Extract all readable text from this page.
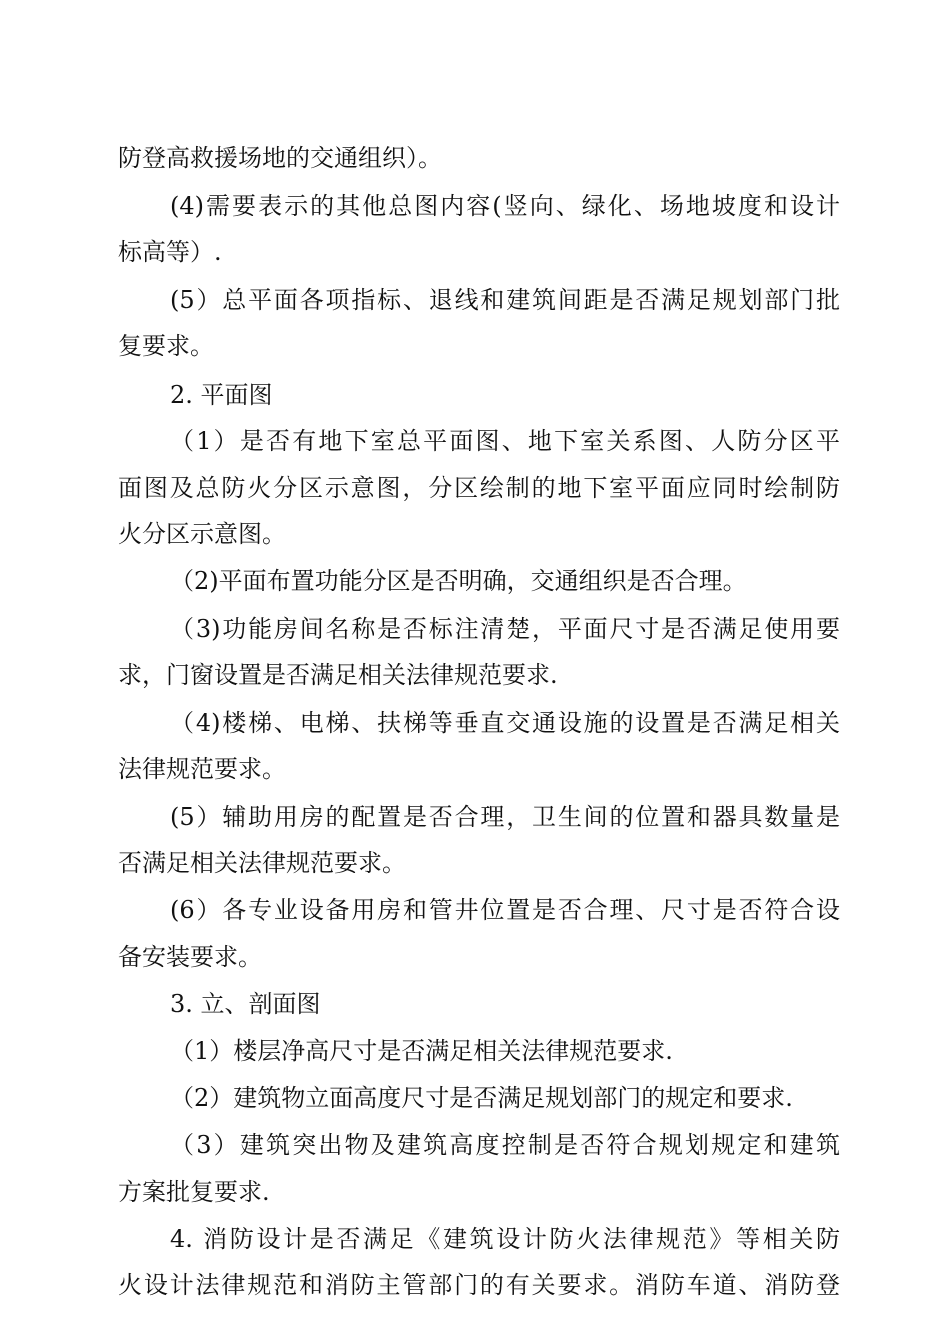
防登高救援场地的交通组织）。
(4)需要表示的其他总图内容(竖向、绿化、场地坡度和设计
标高等）.
(5）总平面各项指标、退线和建筑间距是否满足规划部门批
复要求。
2. 平面图
（1）是否有地下室总平面图、地下室关系图、人防分区平
面图及总防火分区示意图，分区绘制的地下室平面应同时绘制防
火分区示意图。
（2)平面布置功能分区是否明确，交通组织是否合理。
（3)功能房间名称是否标注清楚，平面尺寸是否满足使用要
求，门窗设置是否满足相关法律规范要求.
（4)楼梯、电梯、扶梯等垂直交通设施的设置是否满足相关
法律规范要求。
(5）辅助用房的配置是否合理，卫生间的位置和器具数量是
否满足相关法律规范要求。
(6）各专业设备用房和管井位置是否合理、尺寸是否符合设
备安装要求。
3. 立、剖面图
（1）楼层净高尺寸是否满足相关法律规范要求.
（2）建筑物立面高度尺寸是否满足规划部门的规定和要求.
（3）建筑突出物及建筑高度控制是否符合规划规定和建筑
方案批复要求.
4. 消防设计是否满足《建筑设计防火法律规范》等相关防
火设计法律规范和消防主管部门的有关要求。消防车道、消防登
